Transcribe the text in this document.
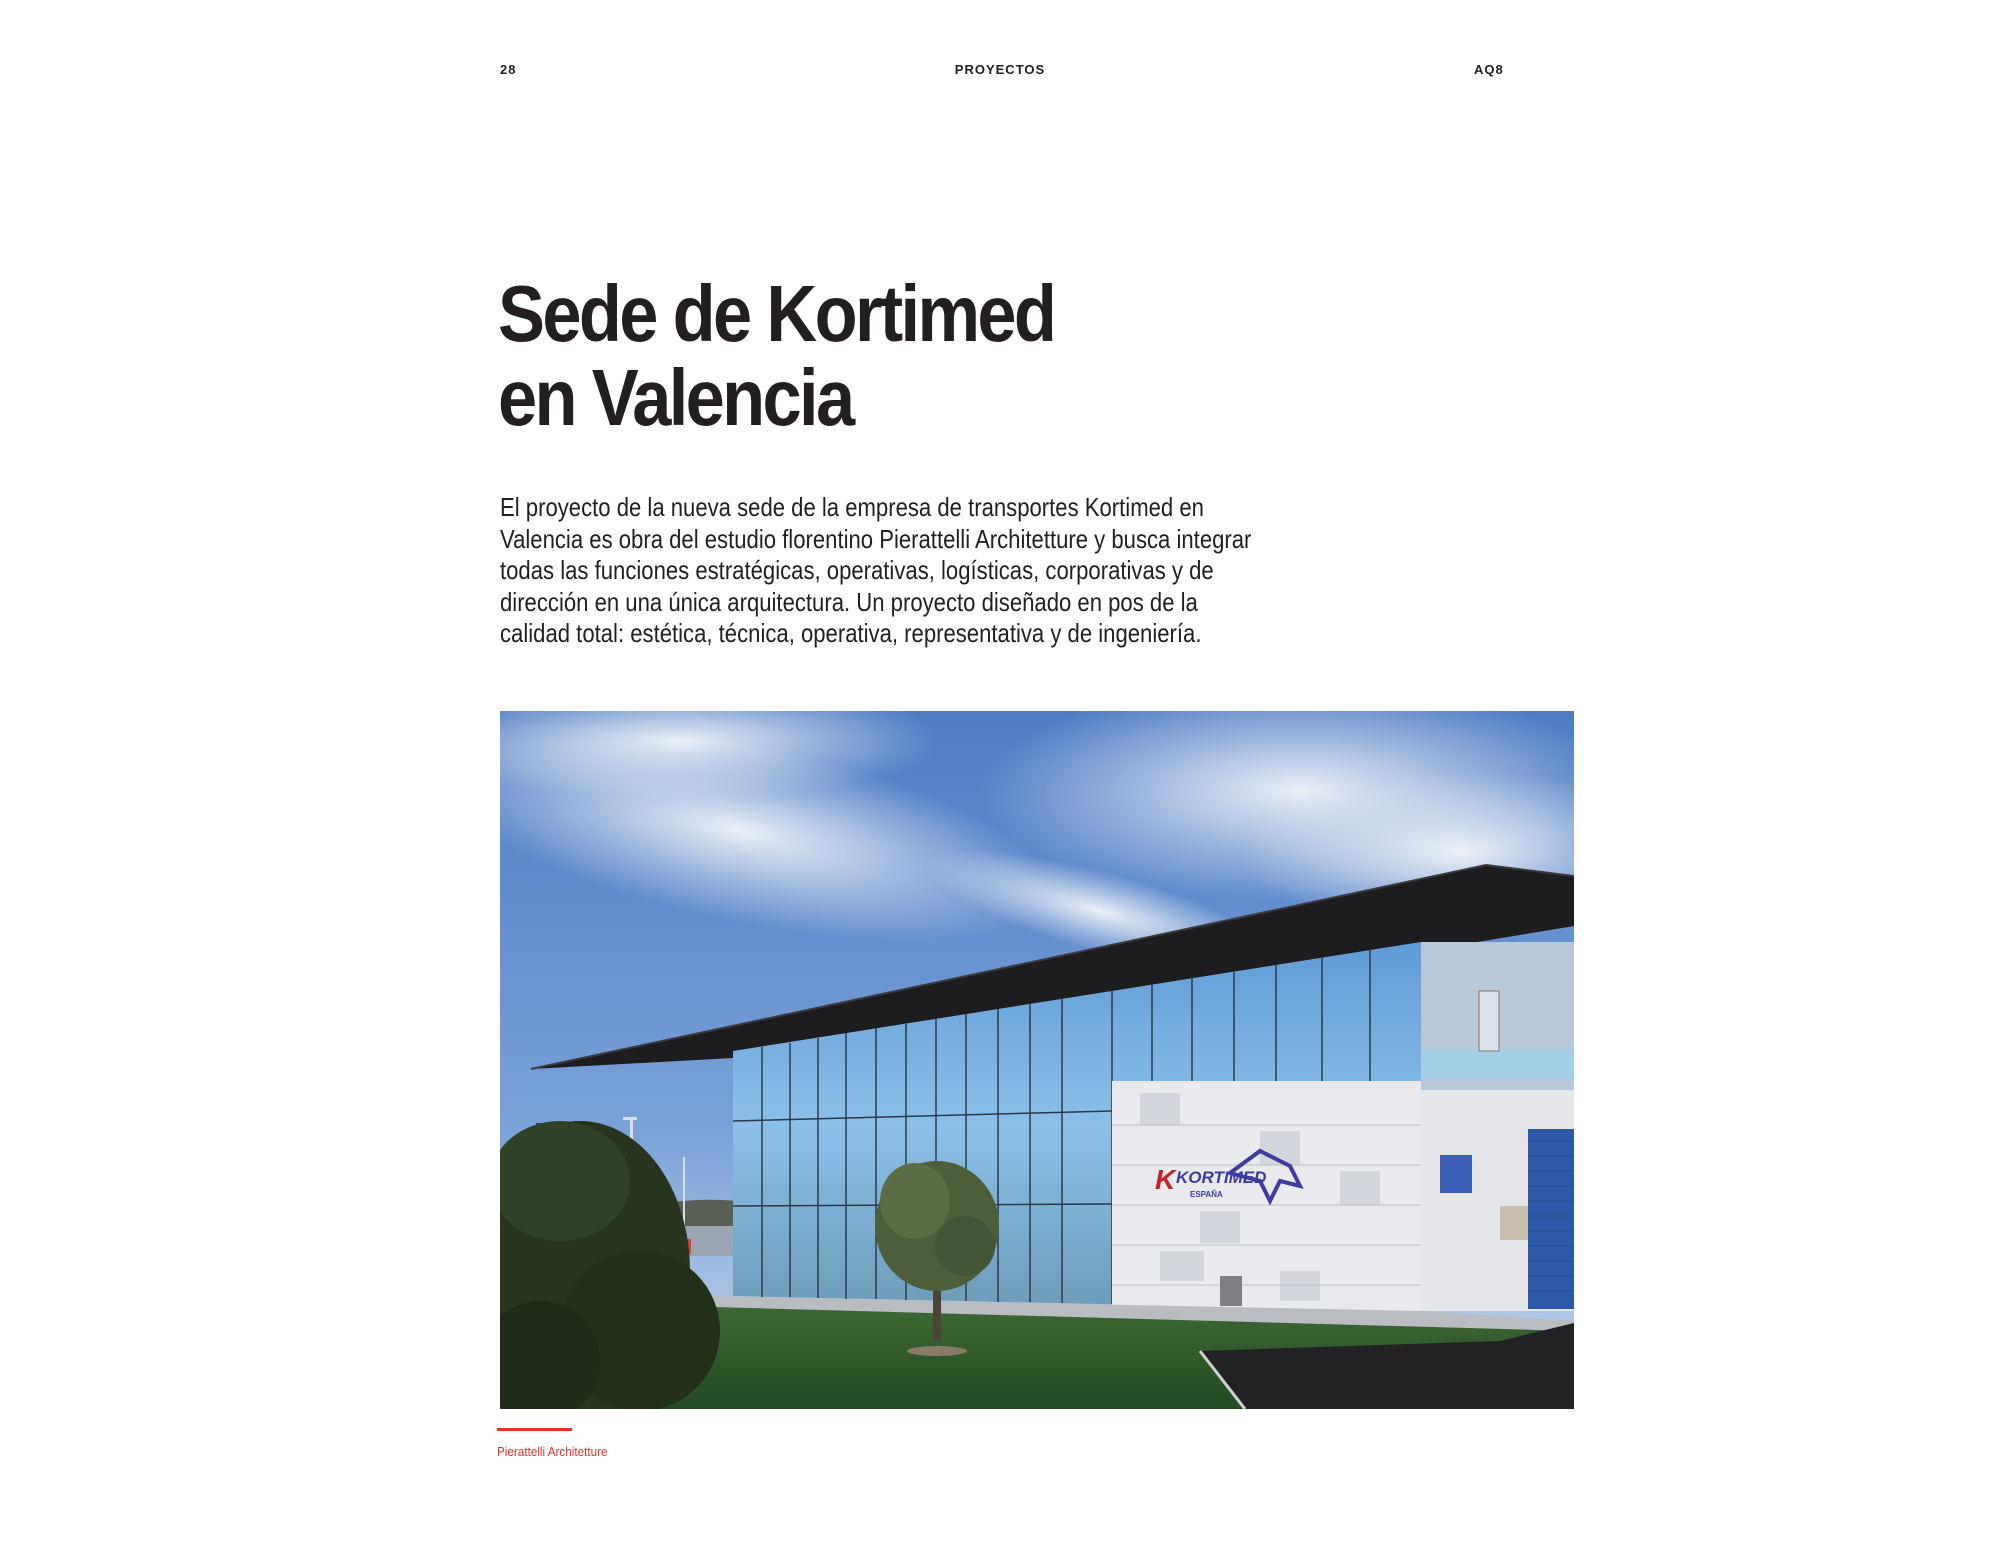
28	PROYECTOS	AQ8
Sede de Kortimed
en Valencia

El proyecto de la nueva sede de la empresa de transportes Kortimed en Valencia es obra del estudio florentino Pierattelli Architetture y busca integrar todas las funciones estratégicas, operativas, logísticas, corporativas y de dirección en una única arquitectura. Un proyecto diseñado en pos de la calidad total: estética, técnica, operativa, representativa y de ingeniería.

K KORTIMED
ESPAÑA
Pierattelli Architetture
